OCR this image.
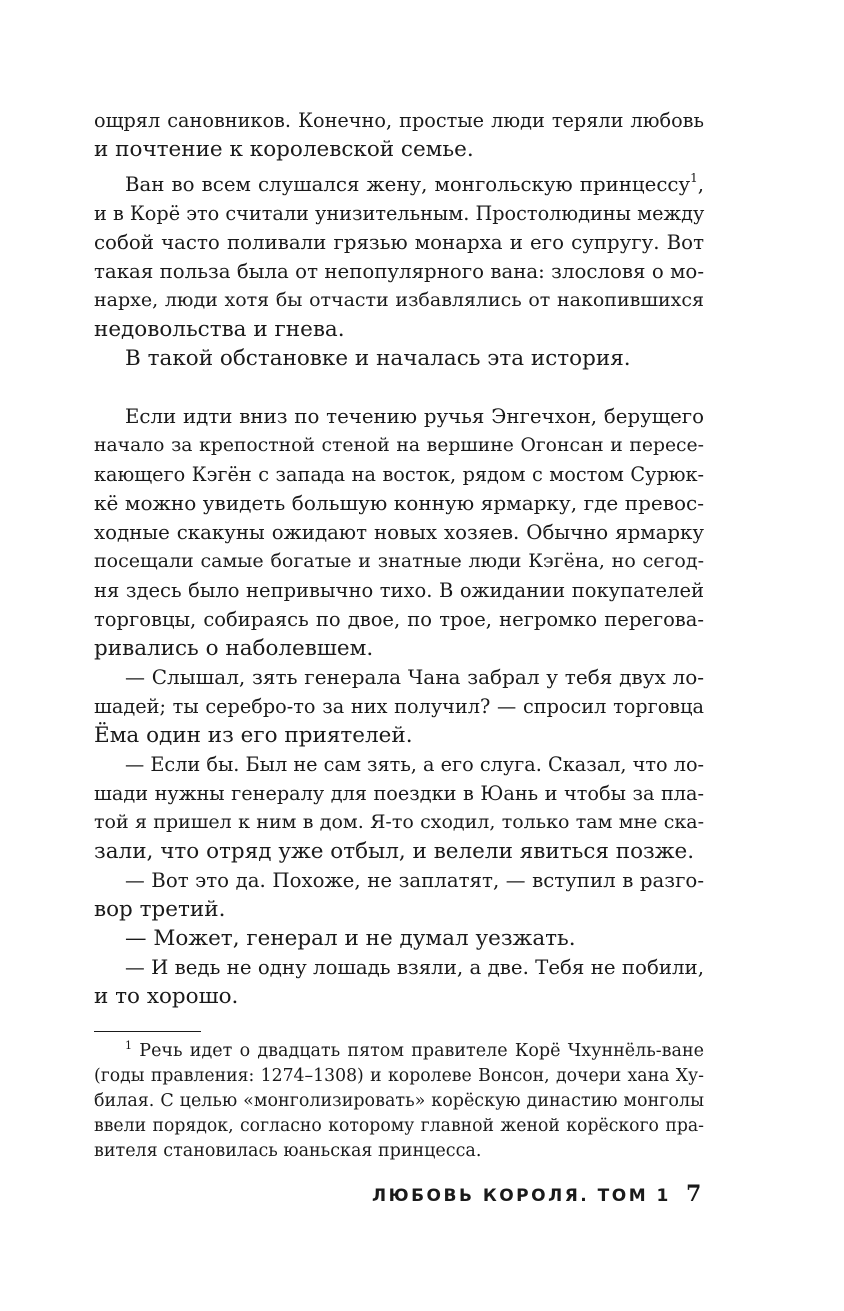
ощрял сановников. Конечно, простые люди теряли любовь
и почтение к королевской семье.
Ван во всем слушался жену, монгольскую принцессу$^1$,
и в Корё это считали унизительным. Простолюдины между
собой часто поливали грязью монарха и его супругу. Вот
такая польза была от непопулярного вана: злословя о мо-
нархе, люди хотя бы отчасти избавлялись от накопившихся
недовольства и гнева.
В такой обстановке и началась эта история.
Если идти вниз по течению ручья Энгечхон, берущего
начало за крепостной стеной на вершине Огонсан и пересе-
кающего Кэгён с запада на восток, рядом с мостом Сурюк-
кё можно увидеть большую конную ярмарку, где превос-
ходные скакуны ожидают новых хозяев. Обычно ярмарку
посещали самые богатые и знатные люди Кэгёна, но сегод-
ня здесь было непривычно тихо. В ожидании покупателей
торговцы, собираясь по двое, по трое, негромко перегова-
ривались о наболевшем.
— Слышал, зять генерала Чана забрал у тебя двух ло-
шадей; ты серебро-то за них получил? — спросил торговца
Ёма один из его приятелей.
— Если бы. Был не сам зять, а его слуга. Сказал, что ло-
шади нужны генералу для поездки в Юань и чтобы за пла-
той я пришел к ним в дом. Я-то сходил, только там мне ска-
зали, что отряд уже отбыл, и велели явиться позже.
— Вот это да. Похоже, не заплатят, — вступил в разго-
вор третий.
— Может, генерал и не думал уезжать.
— И ведь не одну лошадь взяли, а две. Тебя не побили,
и то хорошо.
$^1$ Речь идет о двадцать пятом правителе Корё Чхуннёль-ване
(годы правления: 1274–1308) и королеве Вонсон, дочери хана Ху-
билая. С целью «монголизировать» корёскую династию монголы
ввели порядок, согласно которому главной женой корёского пра-
вителя становилась юаньская принцесса.
ЛЮБОВЬ КОРОЛЯ. ТОМ 1 7
